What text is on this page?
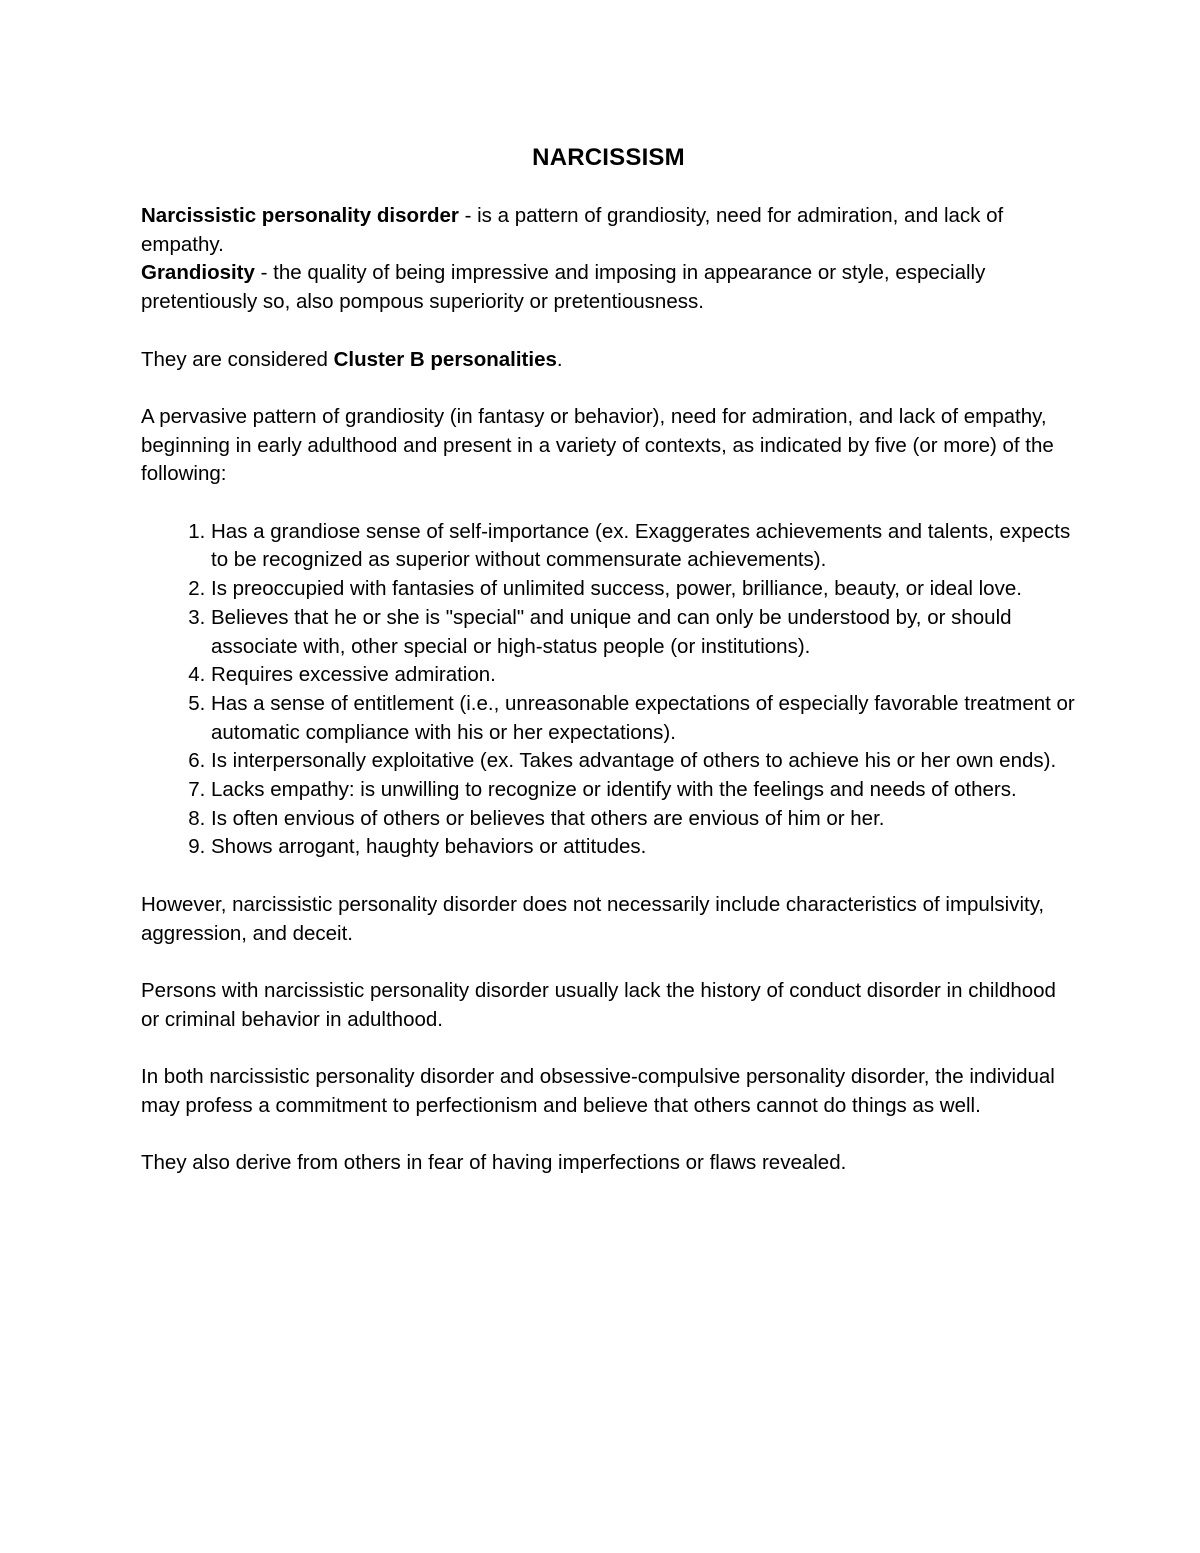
NARCISSISM

Narcissistic personality disorder - is a pattern of grandiosity, need for admiration, and lack of empathy.

Grandiosity - the quality of being impressive and imposing in appearance or style, especially pretentiously so, also pompous superiority or pretentiousness.

They are considered Cluster B personalities.

A pervasive pattern of grandiosity (in fantasy or behavior), need for admiration, and lack of empathy, beginning in early adulthood and present in a variety of contexts, as indicated by five (or more) of the following:

1. Has a grandiose sense of self-importance (ex. Exaggerates achievements and talents, expects to be recognized as superior without commensurate achievements).
2. Is preoccupied with fantasies of unlimited success, power, brilliance, beauty, or ideal love.
3. Believes that he or she is "special" and unique and can only be understood by, or should associate with, other special or high-status people (or institutions).
4. Requires excessive admiration.
5. Has a sense of entitlement (i.e., unreasonable expectations of especially favorable treatment or automatic compliance with his or her expectations).
6. Is interpersonally exploitative (ex. Takes advantage of others to achieve his or her own ends).
7. Lacks empathy: is unwilling to recognize or identify with the feelings and needs of others.
8. Is often envious of others or believes that others are envious of him or her.
9. Shows arrogant, haughty behaviors or attitudes.

However, narcissistic personality disorder does not necessarily include characteristics of impulsivity, aggression, and deceit.

Persons with narcissistic personality disorder usually lack the history of conduct disorder in childhood or criminal behavior in adulthood.

In both narcissistic personality disorder and obsessive-compulsive personality disorder, the individual may profess a commitment to perfectionism and believe that others cannot do things as well.

They also derive from others in fear of having imperfections or flaws revealed.
